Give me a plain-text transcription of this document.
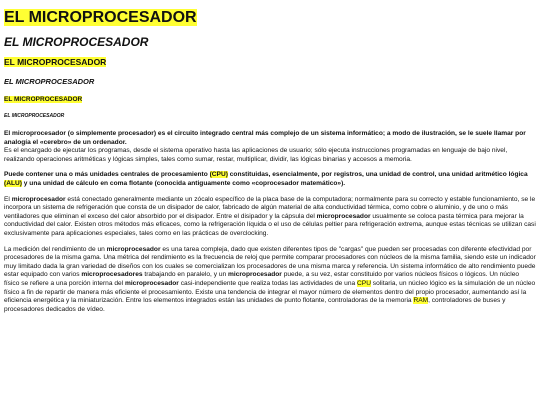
EL MICROPROCESADOR
EL MICROPROCESADOR
EL MICROPROCESADOR
EL MICROPROCESADOR
EL MICROPROCESADOR
EL MICROPROCESADOR

El microprocesador (o simplemente procesador) es el circuito integrado central más complejo de un sistema informático; a modo de ilustración, se le suele llamar por analogía el «cerebro» de un ordenador.
Es el encargado de ejecutar los programas, desde el sistema operativo hasta las aplicaciones de usuario; sólo ejecuta instrucciones programadas en lenguaje de bajo nivel, realizando operaciones aritméticas y lógicas simples, tales como sumar, restar, multiplicar, dividir, las lógicas binarias y accesos a memoria.

Puede contener una o más unidades centrales de procesamiento (CPU) constituidas, esencialmente, por registros, una unidad de control, una unidad aritmético lógica (ALU) y una unidad de cálculo en coma flotante (conocida antiguamente como «coprocesador matemático»).

El microprocesador está conectado generalmente mediante un zócalo específico de la placa base de la computadora; normalmente para su correcto y estable funcionamiento, se le incorpora un sistema de refrigeración que consta de un disipador de calor, fabricado de algún material de alta conductividad térmica, como cobre o aluminio, y de uno o más ventiladores que eliminan el exceso del calor absorbido por el disipador. Entre el disipador y la cápsula del microprocesador usualmente se coloca pasta térmica para mejorar la conductividad del calor. Existen otros métodos más eficaces, como la refrigeración líquida o el uso de células peltier para refrigeración extrema, aunque estas técnicas se utilizan casi exclusivamente para aplicaciones especiales, tales como en las prácticas de overclocking.

La medición del rendimiento de un microprocesador es una tarea compleja, dado que existen diferentes tipos de "cargas" que pueden ser procesadas con diferente efectividad por procesadores de la misma gama. Una métrica del rendimiento es la frecuencia de reloj que permite comparar procesadores con núcleos de la misma familia, siendo este un indicador muy limitado dada la gran variedad de diseños con los cuales se comercializan los procesadores de una misma marca y referencia. Un sistema informático de alto rendimiento puede estar equipado con varios microprocesadores trabajando en paralelo, y un microprocesador puede, a su vez, estar constituido por varios núcleos físicos o lógicos. Un núcleo físico se refiere a una porción interna del microprocesador casi-independiente que realiza todas las actividades de una CPU solitaria, un núcleo lógico es la simulación de un núcleo físico a fin de repartir de manera más eficiente el procesamiento. Existe una tendencia de integrar el mayor número de elementos dentro del propio procesador, aumentando así la eficiencia energética y la miniaturización. Entre los elementos integrados están las unidades de punto flotante, controladoras de la memoria RAM, controladores de buses y procesadores dedicados de vídeo.
